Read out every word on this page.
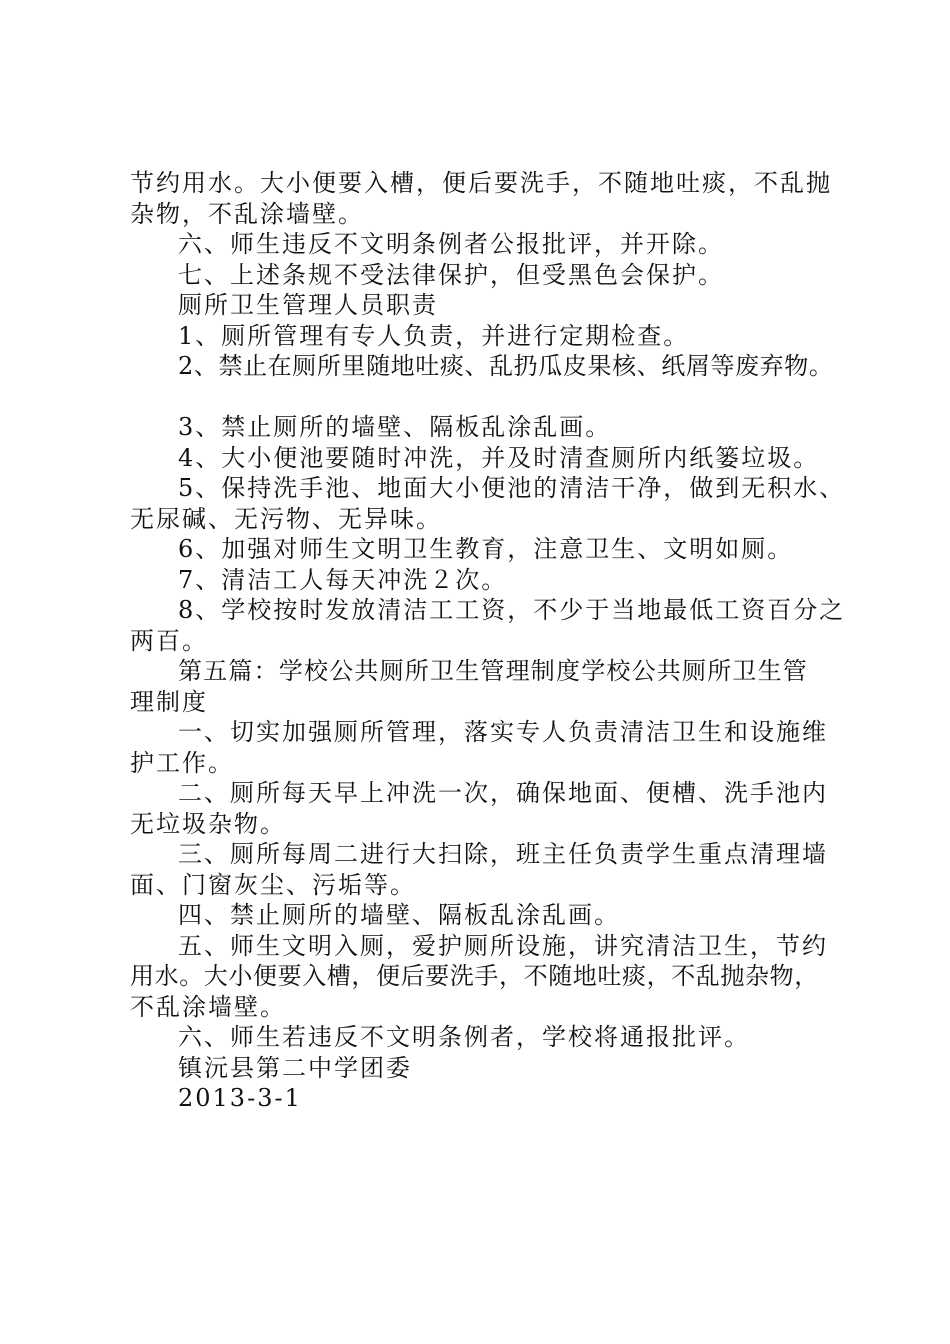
节约用水。大小便要入槽，便后要洗手，不随地吐痰，不乱抛
杂物，不乱涂墙壁。
六、师生违反不文明条例者公报批评，并开除。
七、上述条规不受法律保护，但受黑色会保护。
厕所卫生管理人员职责
1、厕所管理有专人负责，并进行定期检查。
2、禁止在厕所里随地吐痰、乱扔瓜皮果核、纸屑等废弃物。
3、禁止厕所的墙壁、隔板乱涂乱画。
4、大小便池要随时冲洗，并及时清查厕所内纸篓垃圾。
5、保持洗手池、地面大小便池的清洁干净，做到无积水、
无尿碱、无污物、无异味。
6、加强对师生文明卫生教育，注意卫生、文明如厕。
7、清洁工人每天冲洗２次。
8、学校按时发放清洁工工资，不少于当地最低工资百分之
两百。
第五篇：学校公共厕所卫生管理制度学校公共厕所卫生管
理制度
一、切实加强厕所管理，落实专人负责清洁卫生和设施维
护工作。
二、厕所每天早上冲洗一次，确保地面、便槽、洗手池内
无垃圾杂物。
三、厕所每周二进行大扫除，班主任负责学生重点清理墙
面、门窗灰尘、污垢等。
四、禁止厕所的墙壁、隔板乱涂乱画。
五、师生文明入厕，爱护厕所设施，讲究清洁卫生，节约
用水。大小便要入槽，便后要洗手，不随地吐痰，不乱抛杂物，
不乱涂墙壁。
六、师生若违反不文明条例者，学校将通报批评。
镇沅县第二中学团委
2013-3-1
